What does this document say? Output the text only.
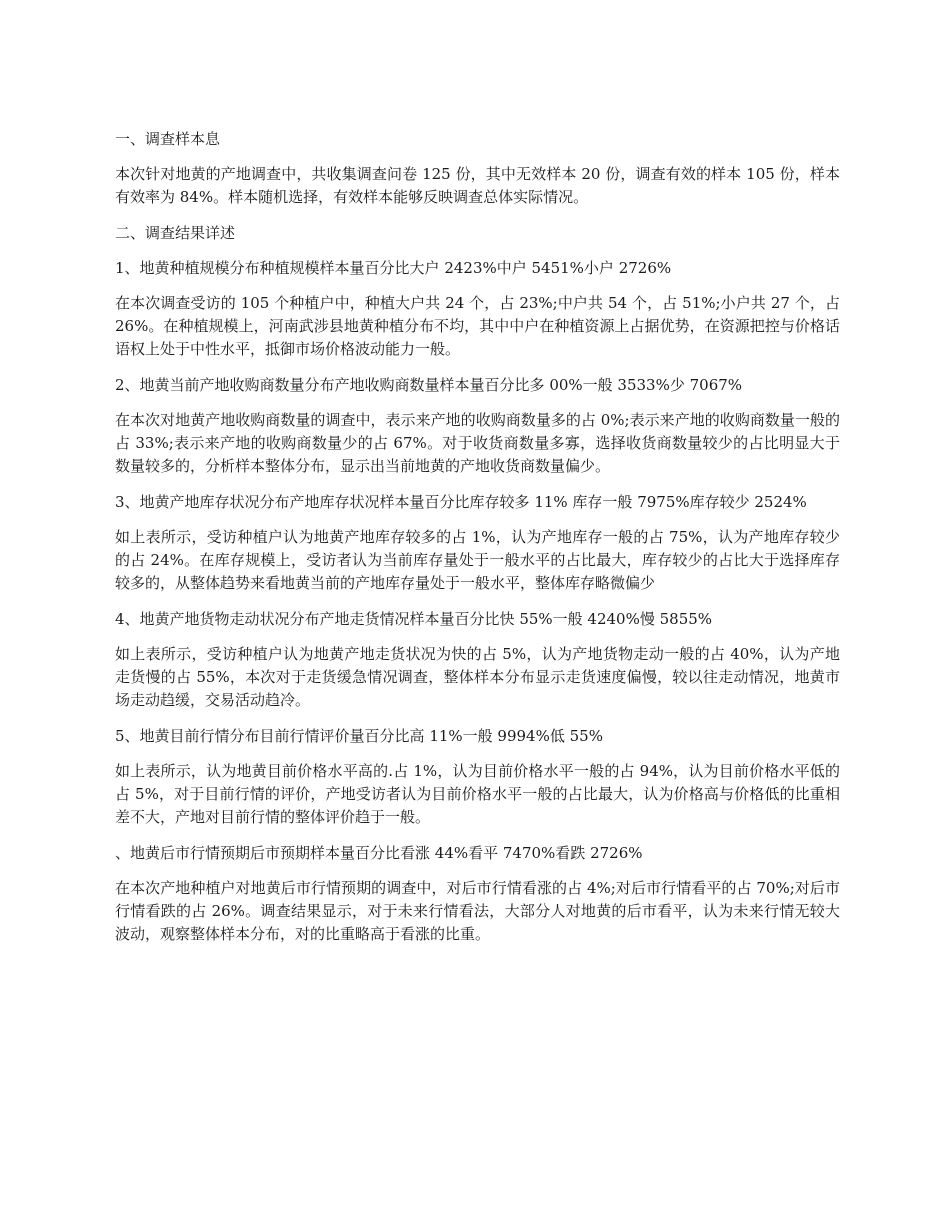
一、调查样本息

本次针对地黄的产地调查中，共收集调查问卷 125 份，其中无效样本 20 份，调查有效的样本 105 份，样本有效率为 84%。样本随机选择，有效样本能够反映调查总体实际情况。

二、调查结果详述

1、地黄种植规模分布种植规模样本量百分比大户 2423%中户 5451%小户 2726%

在本次调查受访的 105 个种植户中，种植大户共 24 个，占 23%;中户共 54 个，占 51%;小户共 27 个，占 26%。在种植规模上，河南武涉县地黄种植分布不均，其中中户在种植资源上占据优势，在资源把控与价格话语权上处于中性水平，抵御市场价格波动能力一般。

2、地黄当前产地收购商数量分布产地收购商数量样本量百分比多 00%一般 3533%少 7067%

在本次对地黄产地收购商数量的调查中，表示来产地的收购商数量多的占 0%;表示来产地的收购商数量一般的占 33%;表示来产地的收购商数量少的占 67%。对于收货商数量多寡，选择收货商数量较少的占比明显大于数量较多的，分析样本整体分布，显示出当前地黄的产地收货商数量偏少。

3、地黄产地库存状况分布产地库存状况样本量百分比库存较多 11% 库存一般 7975%库存较少 2524%

如上表所示，受访种植户认为地黄产地库存较多的占 1%，认为产地库存一般的占 75%，认为产地库存较少的占 24%。在库存规模上，受访者认为当前库存量处于一般水平的占比最大，库存较少的占比大于选择库存较多的，从整体趋势来看地黄当前的产地库存量处于一般水平，整体库存略微偏少

4、地黄产地货物走动状况分布产地走货情况样本量百分比快 55%一般 4240%慢 5855%

如上表所示，受访种植户认为地黄产地走货状况为快的占 5%，认为产地货物走动一般的占 40%，认为产地走货慢的占 55%，本次对于走货缓急情况调查，整体样本分布显示走货速度偏慢，较以往走动情况，地黄市场走动趋缓，交易活动趋冷。

5、地黄目前行情分布目前行情评价量百分比高 11%一般 9994%低 55%

如上表所示，认为地黄目前价格水平高的.占 1%，认为目前价格水平一般的占 94%，认为目前价格水平低的占 5%，对于目前行情的评价，产地受访者认为目前价格水平一般的占比最大，认为价格高与价格低的比重相差不大，产地对目前行情的整体评价趋于一般。

、地黄后市行情预期后市预期样本量百分比看涨 44%看平 7470%看跌 2726%

在本次产地种植户对地黄后市行情预期的调查中，对后市行情看涨的占 4%;对后市行情看平的占 70%;对后市行情看跌的占 26%。调查结果显示，对于未来行情看法，大部分人对地黄的后市看平，认为未来行情无较大波动，观察整体样本分布，对的比重略高于看涨的比重。
